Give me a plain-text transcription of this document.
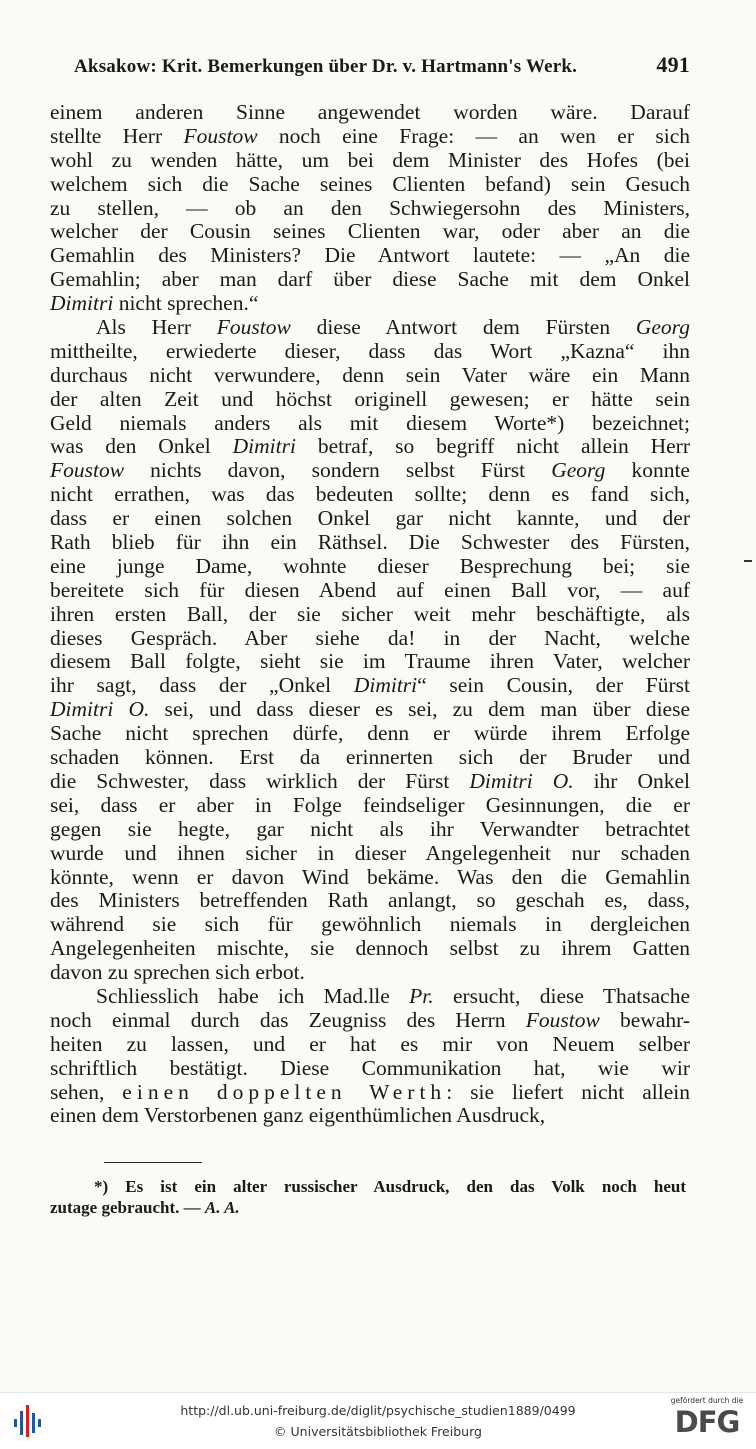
Aksakow: Krit. Bemerkungen über Dr. v. Hartmann's Werk.	491
einem anderen Sinne angewendet worden wäre. Darauf
stellte Herr Foustow noch eine Frage: — an wen er sich
wohl zu wenden hätte, um bei dem Minister des Hofes (bei
welchem sich die Sache seines Clienten befand) sein Gesuch
zu stellen, — ob an den Schwiegersohn des Ministers,
welcher der Cousin seines Clienten war, oder aber an die
Gemahlin des Ministers? Die Antwort lautete: — „An die
Gemahlin; aber man darf über diese Sache mit dem Onkel
Dimitri nicht sprechen.“
Als Herr Foustow diese Antwort dem Fürsten Georg
mittheilte, erwiederte dieser, dass das Wort „Kazna“ ihn
durchaus nicht verwundere, denn sein Vater wäre ein Mann
der alten Zeit und höchst originell gewesen; er hätte sein
Geld niemals anders als mit diesem Worte*) bezeichnet;
was den Onkel Dimitri betraf, so begriff nicht allein Herr
Foustow nichts davon, sondern selbst Fürst Georg konnte
nicht errathen, was das bedeuten sollte; denn es fand sich,
dass er einen solchen Onkel gar nicht kannte, und der
Rath blieb für ihn ein Räthsel. Die Schwester des Fürsten,
eine junge Dame, wohnte dieser Besprechung bei; sie
bereitete sich für diesen Abend auf einen Ball vor, — auf
ihren ersten Ball, der sie sicher weit mehr beschäftigte, als
dieses Gespräch. Aber siehe da! in der Nacht, welche
diesem Ball folgte, sieht sie im Traume ihren Vater, welcher
ihr sagt, dass der „Onkel Dimitri“ sein Cousin, der Fürst
Dimitri O. sei, und dass dieser es sei, zu dem man über diese
Sache nicht sprechen dürfe, denn er würde ihrem Erfolge
schaden können. Erst da erinnerten sich der Bruder und
die Schwester, dass wirklich der Fürst Dimitri O. ihr Onkel
sei, dass er aber in Folge feindseliger Gesinnungen, die er
gegen sie hegte, gar nicht als ihr Verwandter betrachtet
wurde und ihnen sicher in dieser Angelegenheit nur schaden
könnte, wenn er davon Wind bekäme. Was den die Gemahlin
des Ministers betreffenden Rath anlangt, so geschah es, dass,
während sie sich für gewöhnlich niemals in dergleichen
Angelegenheiten mischte, sie dennoch selbst zu ihrem Gatten
davon zu sprechen sich erbot.
Schliesslich habe ich Mad.lle Pr. ersucht, diese Thatsache
noch einmal durch das Zeugniss des Herrn Foustow bewahr-
heiten zu lassen, und er hat es mir von Neuem selber
schriftlich bestätigt. Diese Communikation hat, wie wir
sehen, einen doppelten Werth: sie liefert nicht allein
einen dem Verstorbenen ganz eigenthümlichen Ausdruck,
*) Es ist ein alter russischer Ausdruck, den das Volk noch heut
zutage gebraucht. — A. A.
http://dl.ub.uni-freiburg.de/diglit/psychische_studien1889/0499
© Universitätsbibliothek Freiburg
gefördert durch die
DFG
